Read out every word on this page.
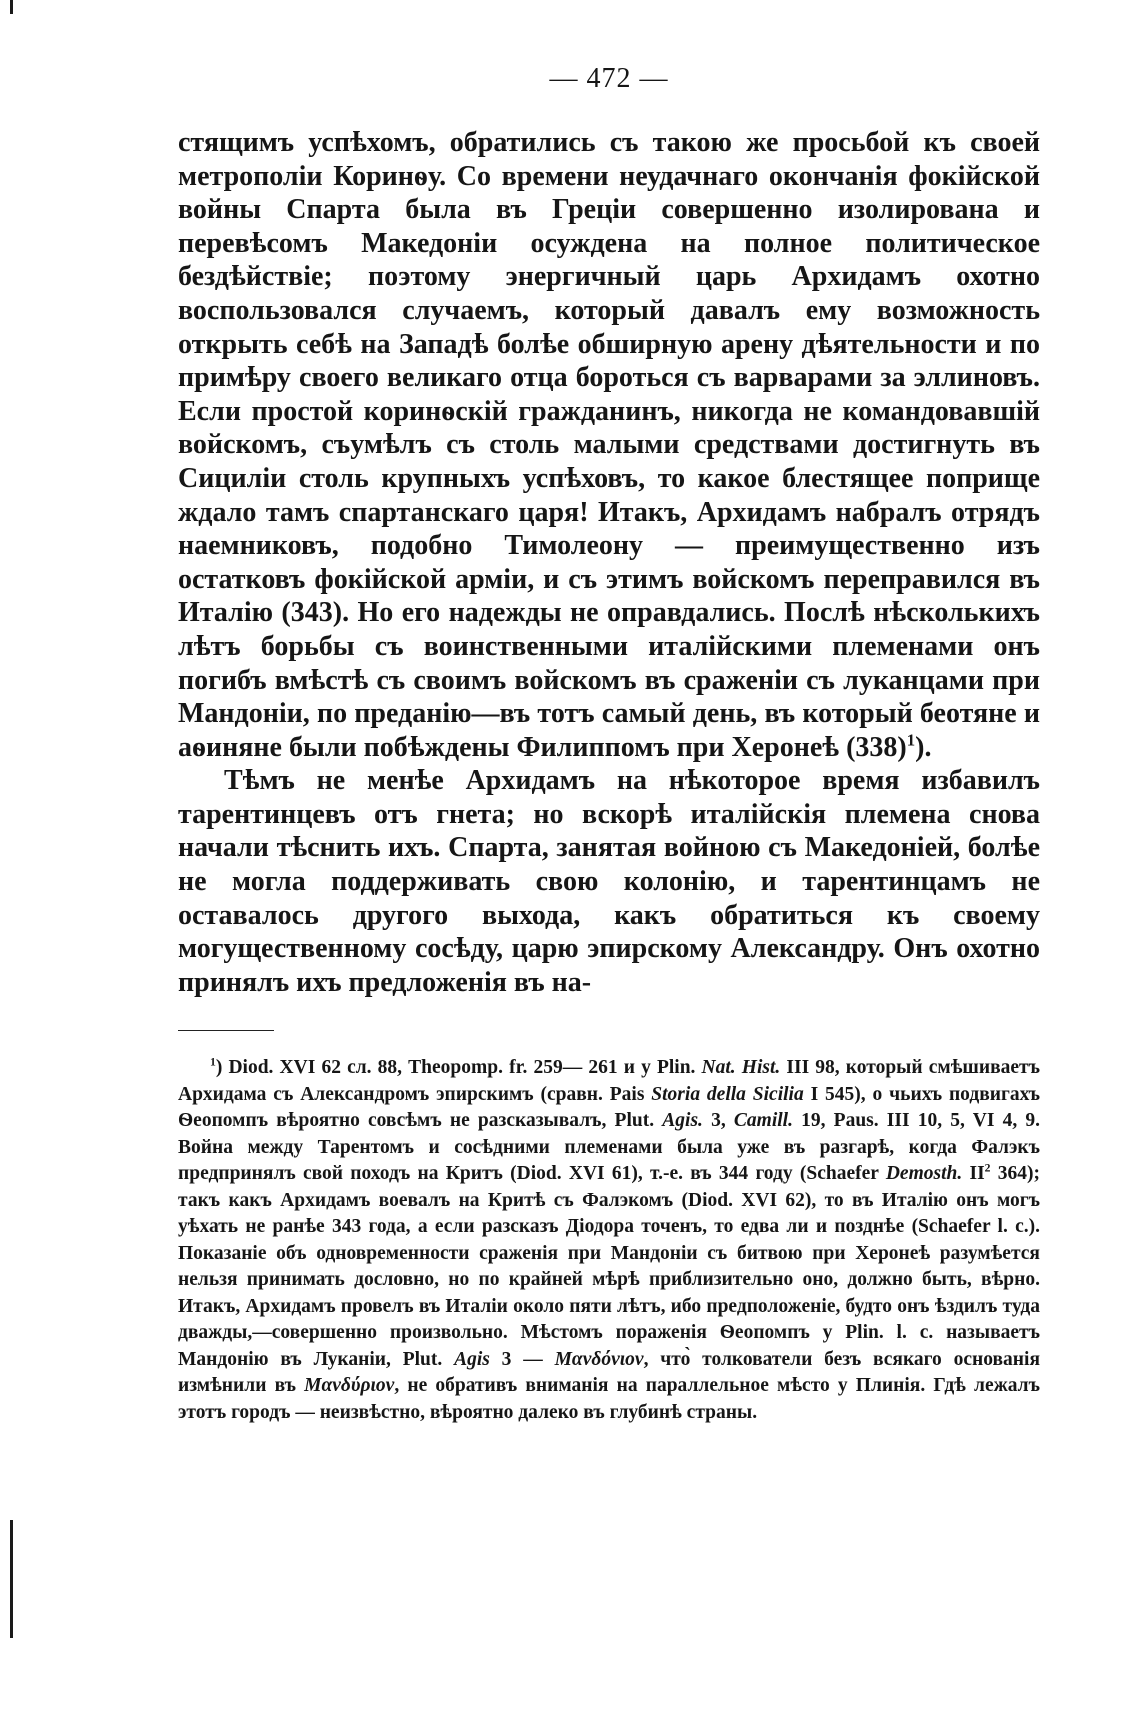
— 472 —

стящимъ успѣхомъ, обратились съ такою же просьбой къ своей метрополіи Коринѳу. Со времени неудачнаго окончанія фокійской войны Спарта была въ Греціи совершенно изолирована и перевѣсомъ Македоніи осуждена на полное политическое бездѣйствіе; поэтому энергичный царь Архидамъ охотно воспользовался случаемъ, который давалъ ему возможность открыть себѣ на Западѣ болѣе обширную арену дѣятельности и по примѣру своего великаго отца бороться съ варварами за эллиновъ. Если простой коринѳскій гражданинъ, никогда не командовавшій войскомъ, съумѣлъ съ столь малыми средствами достигнуть въ Сициліи столь крупныхъ успѣховъ, то какое блестящее поприще ждало тамъ спартанскаго царя! Итакъ, Архидамъ набралъ отрядъ наемниковъ, подобно Тимолеону — преимущественно изъ остатковъ фокійской арміи, и съ этимъ войскомъ переправился въ Италію (343). Но его надежды не оправдались. Послѣ нѣсколькихъ лѣтъ борьбы съ воинственными италійскими племенами онъ погибъ вмѣстѣ съ своимъ войскомъ въ сраженіи съ луканцами при Мандоніи, по преданію—въ тотъ самый день, въ который беотяне и аѳиняне были побѣждены Филиппомъ при Херонеѣ $(338)^1$).

Тѣмъ не менѣе Архидамъ на нѣкоторое время избавилъ тарентинцевъ отъ гнета; но вскорѣ италійскія племена снова начали тѣснить ихъ. Спарта, занятая войною съ Македоніей, болѣе не могла поддерживать свою колонію, и тарентинцамъ не оставалось другого выхода, какъ обратиться къ своему могущественному сосѣду, царю эпирскому Александру. Онъ охотно принялъ ихъ предложенія въ на-

$^1$) Diod. XVI 62 сл. 88, Theopomp. fr. 259— 261 и у Plin. Nat. Hist. III 98, который смѣшиваетъ Архидама съ Александромъ эпирскимъ (сравн. Pais Storia della Sicilia I 545), о чьихъ подвигахъ Ѳеопомпъ вѣроятно совсѣмъ не разсказывалъ, Plut. Agis. 3, Camill. 19, Paus. III 10, 5, VI 4, 9. Война между Тарентомъ и сосѣдними племенами была уже въ разгарѣ, когда Фалэкъ предпринялъ свой походъ на Критъ (Diod. XVI 61), т.-е. въ 344 году (Schaefer Demosth. $II^2$ 364); такъ какъ Архидамъ воевалъ на Критѣ съ Фалэкомъ (Diod. XVI 62), то въ Италію онъ могъ уѣхать не ранѣе 343 года, а если разсказъ Діодора точенъ, то едва ли и позднѣе (Schaefer l. c.). Показаніе объ одновременности сраженія при Мандоніи съ битвою при Херонеѣ разумѣется нельзя принимать дословно, но по крайней мѣрѣ приблизительно оно, должно быть, вѣрно. Итакъ, Архидамъ провелъ въ Италіи около пяти лѣтъ, ибо предположеніе, будто онъ ѣздилъ туда дважды,—совершенно произвольно. Мѣстомъ пораженія Ѳеопомпъ у Plin. l. c. называетъ Мандонію въ Луканіи, Plut. Agis 3 — Μανδόνιον, что̀ толкователи безъ всякаго основанія измѣнили въ Μανδύριον, не обративъ вниманія на параллельное мѣсто у Плинія. Гдѣ лежалъ этотъ городъ — неизвѣстно, вѣроятно далеко въ глубинѣ страны.
